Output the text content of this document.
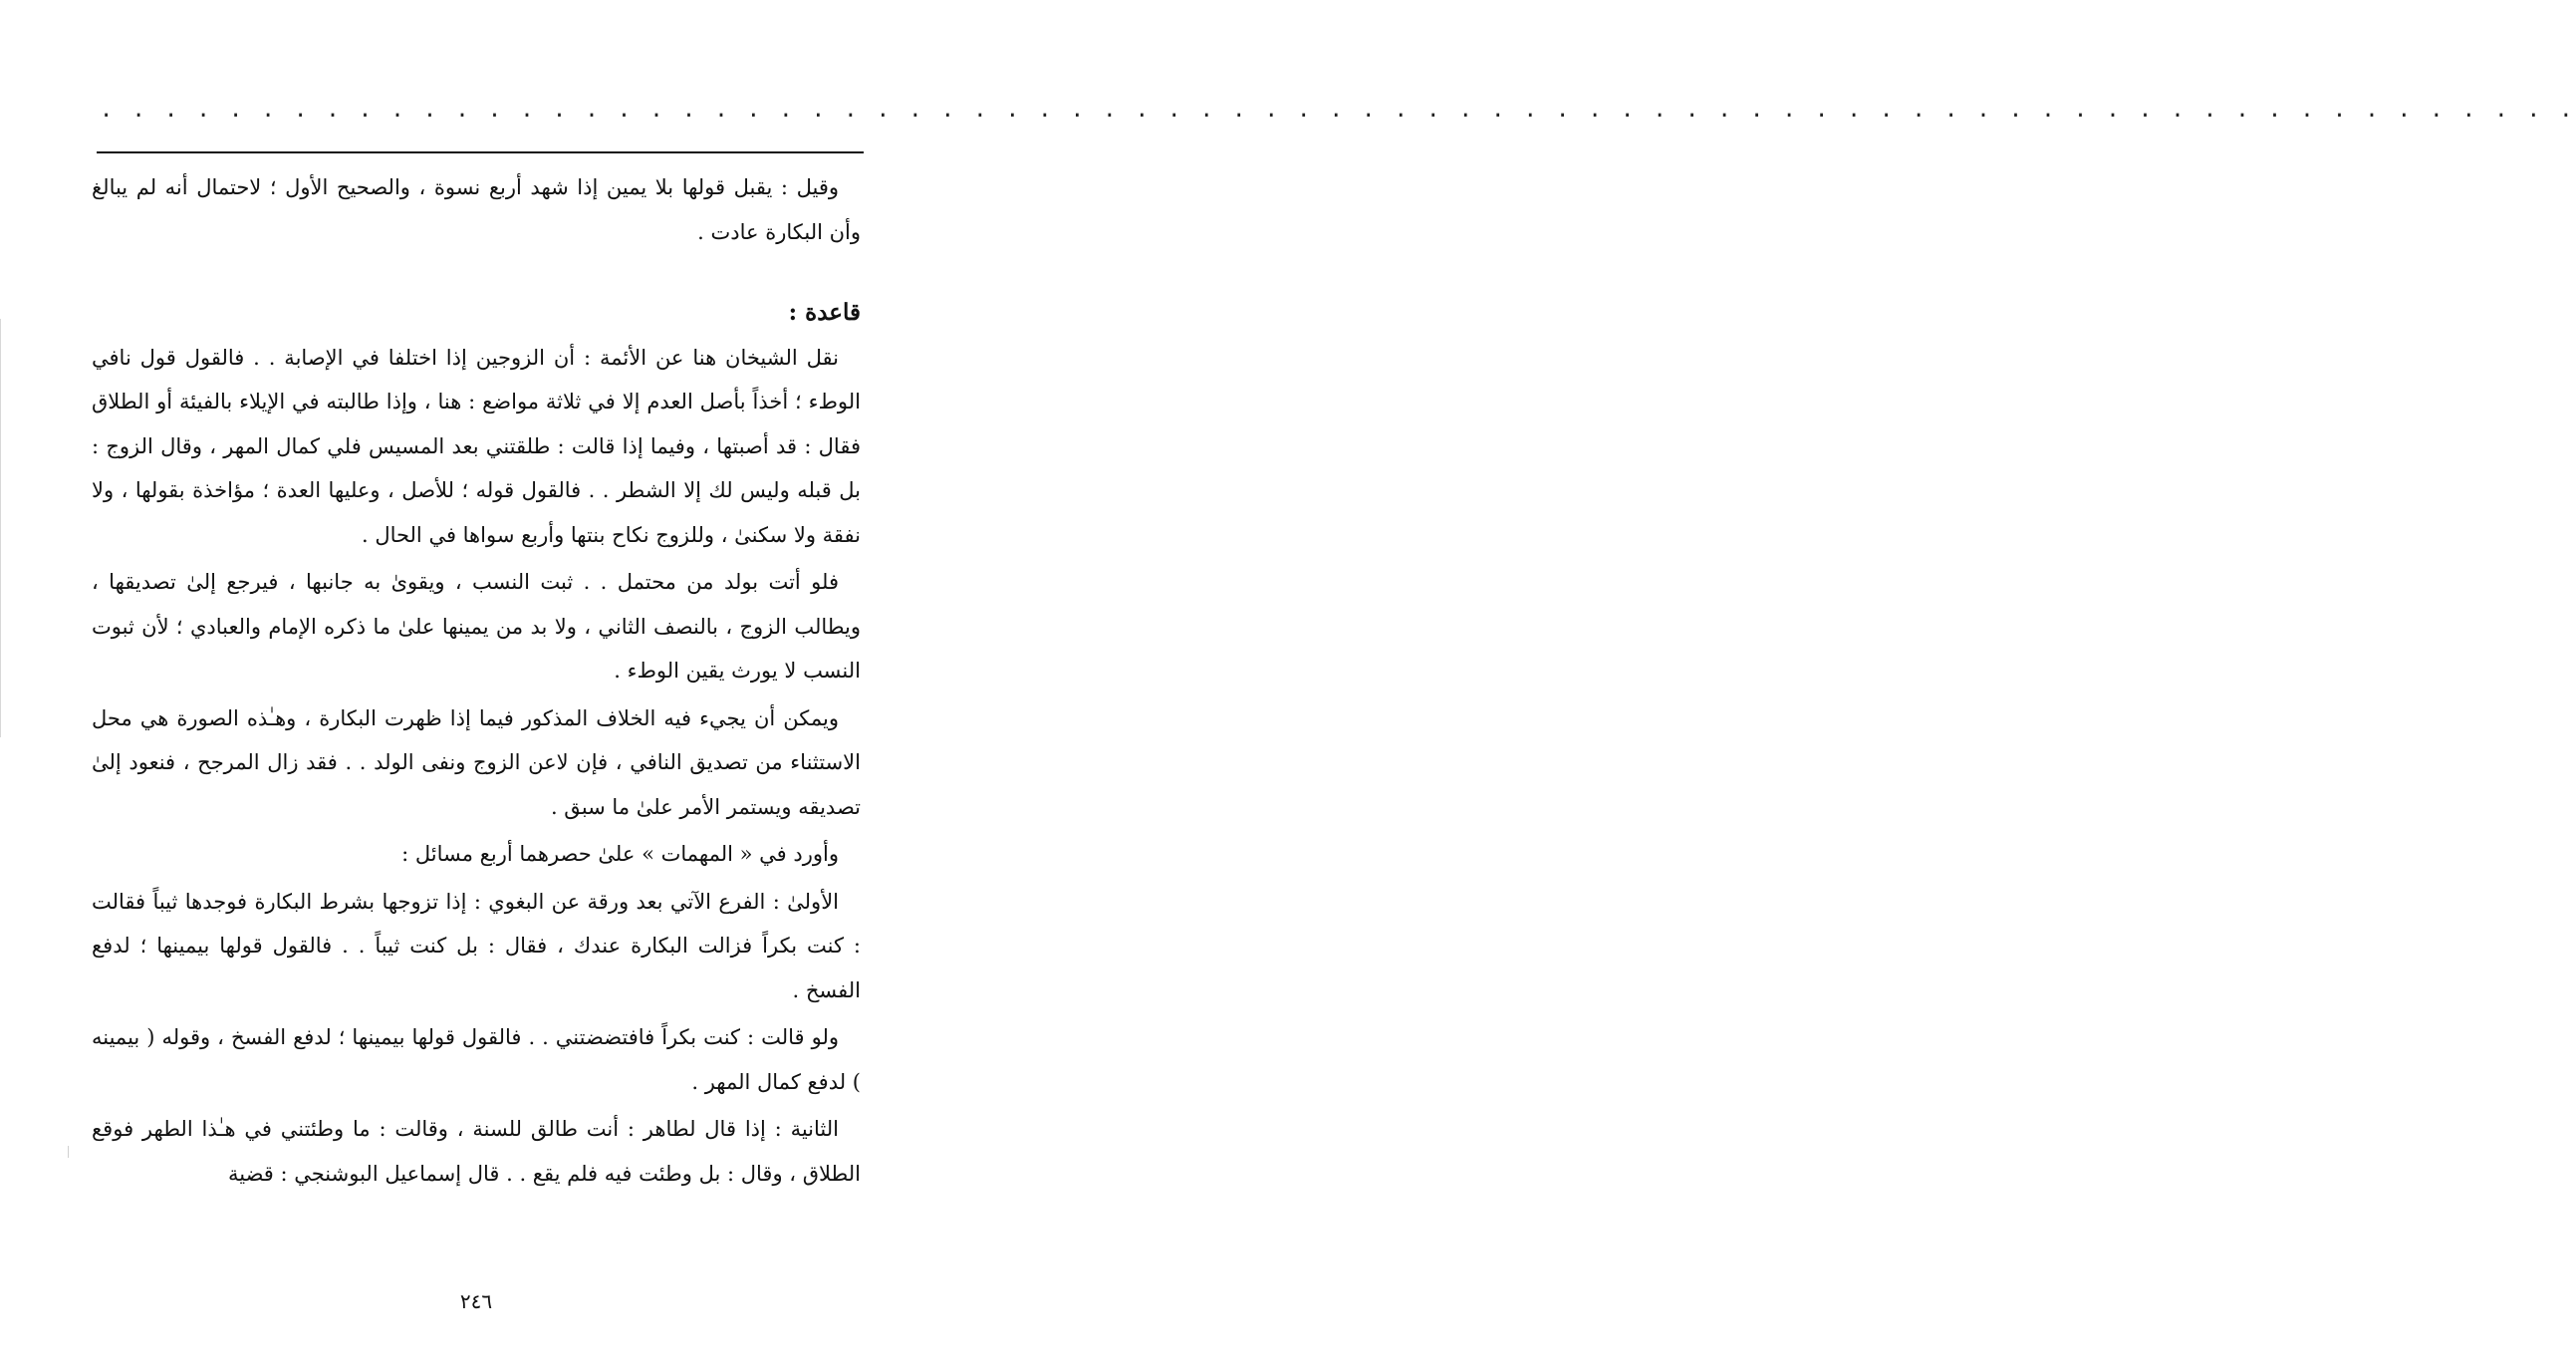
. . . . . . . . . . . . . . . . . . . . . . . . . . . . . . . . . . . . . . . . . . . . . . . . . . . . . . . . . . . . . . . . . . . . . . . . . . . . .

وقيل : يقبل قولها بلا يمين إذا شهد أربع نسوة ، والصحيح الأول ؛ لاحتمال أنه لم يبالغ وأن البكارة عادت .

قاعدة :

نقل الشيخان هنا عن الأئمة : أن الزوجين إذا اختلفا في الإصابة . . فالقول قول نافي الوطء ؛ أخذاً بأصل العدم إلا في ثلاثة مواضع : هنا ، وإذا طالبته في الإيلاء بالفيئة أو الطلاق فقال : قد أصبتها ، وفيما إذا قالت : طلقتني بعد المسيس فلي كمال المهر ، وقال الزوج : بل قبله وليس لك إلا الشطر . . فالقول قوله ؛ للأصل ، وعليها العدة ؛ مؤاخذة بقولها ، ولا نفقة ولا سكنىٰ ، وللزوج نكاح بنتها وأربع سواها في الحال .

فلو أتت بولد من محتمل . . ثبت النسب ، ويقوىٰ به جانبها ، فيرجع إلىٰ تصديقها ، ويطالب الزوج ، بالنصف الثاني ، ولا بد من يمينها علىٰ ما ذكره الإمام والعبادي ؛ لأن ثبوت النسب لا يورث يقين الوطء .

ويمكن أن يجيء فيه الخلاف المذكور فيما إذا ظهرت البكارة ، وهـٰذه الصورة هي محل الاستثناء من تصديق النافي ، فإن لاعن الزوج ونفى الولد . . فقد زال المرجح ، فنعود إلىٰ تصديقه ويستمر الأمر علىٰ ما سبق .

وأورد في « المهمات » علىٰ حصرهما أربع مسائل :

الأولىٰ : الفرع الآتي بعد ورقة عن البغوي : إذا تزوجها بشرط البكارة فوجدها ثيباً فقالت : كنت بكراً فزالت البكارة عندك ، فقال : بل كنت ثيباً . . فالقول قولها بيمينها ؛ لدفع الفسخ .

ولو قالت : كنت بكراً فافتضضتني . . فالقول قولها بيمينها ؛ لدفع الفسخ ، وقوله ( بيمينه ) لدفع كمال المهر .

الثانية : إذا قال لطاهر : أنت طالق للسنة ، وقالت : ما وطئتني في هـٰذا الطهر فوقع الطلاق ، وقال : بل وطئت فيه فلم يقع . . قال إسماعيل البوشنجي : قضية

٢٤٦
